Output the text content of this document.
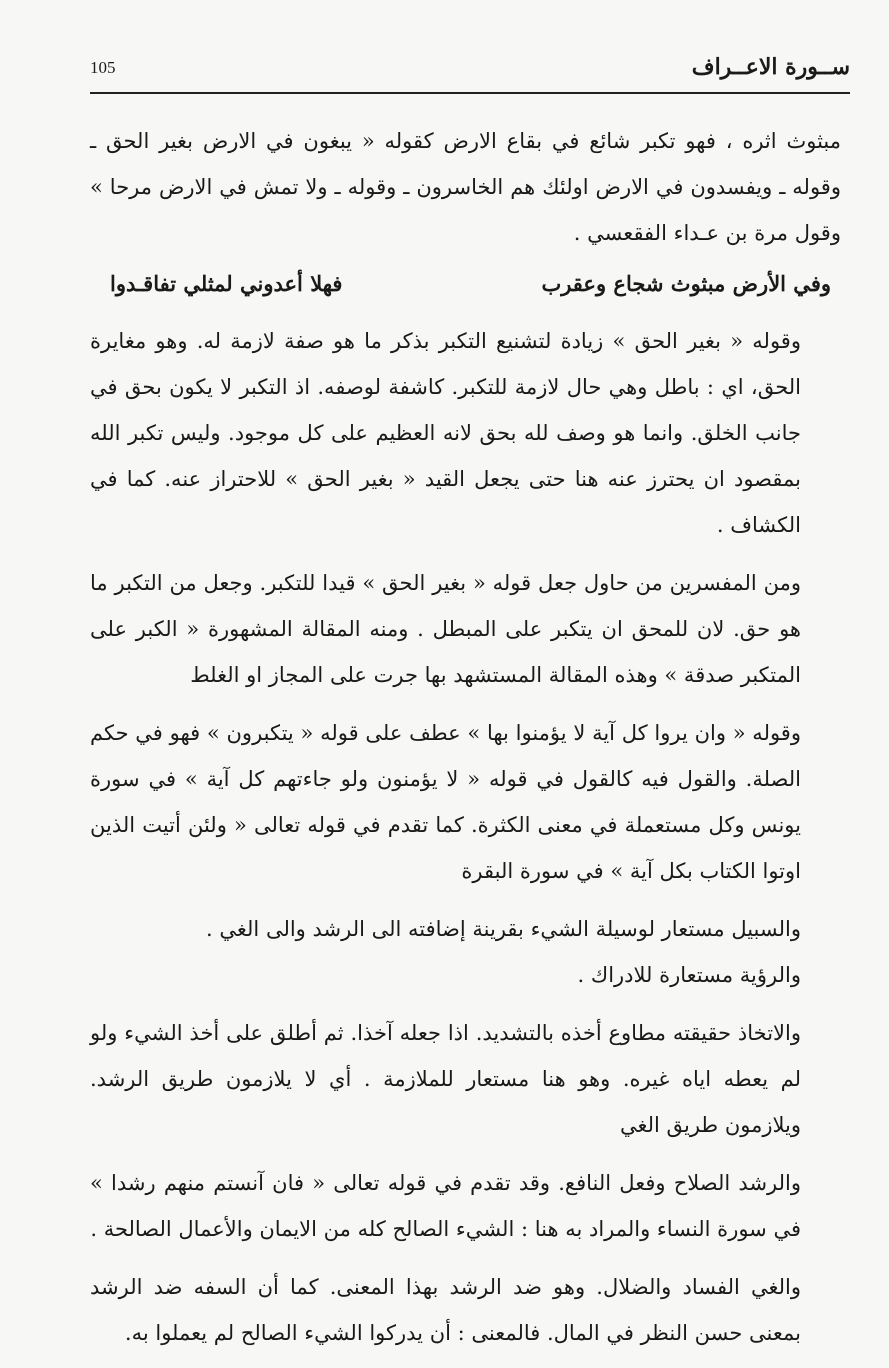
105	ســورة الاعــراف

مبثوث اثره ، فهو تكبر شائع في بقاع الارض كقوله « يبغون في الارض بغير الحق ـ وقوله ـ ويفسدون في الارض اولئك هم الخاسرون ـ وقوله ـ ولا تمش في الارض مرحا » وقول مرة بن عـداء الفقعسي .

وفي الأرض مبثوث شجاع وعقرب
فهلا أعدوني لمثلي تفاقـدوا

وقوله « بغير الحق » زيادة لتشنيع التكبر بذكر ما هو صفة لازمة له. وهو مغايرة الحق، اي : باطل وهي حال لازمة للتكبر. كاشفة لوصفه. اذ التكبر لا يكون بحق في جانب الخلق. وانما هو وصف لله بحق لانه العظيم على كل موجود. وليس تكبر الله بمقصود ان يحترز عنه هنا حتى يجعل القيد « بغير الحق » للاحتراز عنه. كما في الكشاف .

ومن المفسرين من حاول جعل قوله « بغير الحق » قيدا للتكبر. وجعل من التكبر ما هو حق. لان للمحق ان يتكبر على المبطل . ومنه المقالة المشهورة « الكبر على المتكبر صدقة » وهذه المقالة المستشهد بها جرت على المجاز او الغلط

وقوله « وان يروا كل آية لا يؤمنوا بها » عطف على قوله « يتكبرون » فهو في حكم الصلة. والقول فيه كالقول في قوله « لا يؤمنون ولو جاءتهم كل آية » في سورة يونس وكل مستعملة في معنى الكثرة. كما تقدم في قوله تعالى « ولئن أتيت الذين اوتوا الكتاب بكل آية » في سورة البقرة

والسبيل مستعار لوسيلة الشيء بقرينة إضافته الى الرشد والى الغي .

والرؤية مستعارة للادراك .

والاتخاذ حقيقته مطاوع أخذه بالتشديد. اذا جعله آخذا. ثم أطلق على أخذ الشيء ولو لم يعطه اياه غيره. وهو هنا مستعار للملازمة . أي لا يلازمون طريق الرشد. ويلازمون طريق الغي

والرشد الصلاح وفعل النافع. وقد تقدم في قوله تعالى « فان آنستم منهم رشدا » في سورة النساء والمراد به هنا : الشيء الصالح كله من الايمان والأعمال الصالحة .

والغي الفساد والضلال. وهو ضد الرشد بهذا المعنى. كما أن السفه ضد الرشد بمعنى حسن النظر في المال. فالمعنى : أن يدركوا الشيء الصالح لم يعملوا به.
